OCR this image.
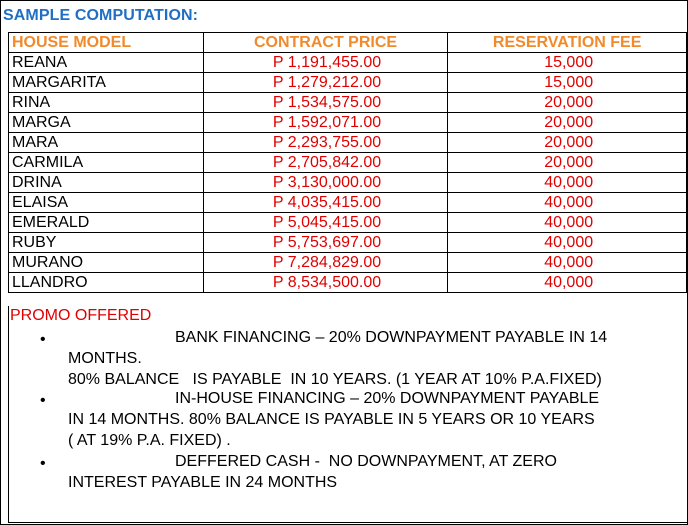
SAMPLE COMPUTATION:
HOUSE MODEL	CONTRACT PRICE	RESERVATION FEE
REANA	P 1,191,455.00	15,000
MARGARITA	P 1,279,212.00	15,000
RINA	P 1,534,575.00	20,000
MARGA	P 1,592,071.00	20,000
MARA	P 2,293,755.00	20,000
CARMILA	P 2,705,842.00	20,000
DRINA	P 3,130,000.00	40,000
ELAISA	P 4,035,415.00	40,000
EMERALD	P 5,045,415.00	40,000
RUBY	P 5,753,697.00	40,000
MURANO	P 7,284,829.00	40,000
LLANDRO	P 8,534,500.00	40,000
PROMO OFFERED
•	BANK FINANCING – 20% DOWNPAYMENT PAYABLE IN 14
MONTHS.
80% BALANCE   IS PAYABLE  IN 10 YEARS. (1 YEAR AT 10% P.A.FIXED)
•	IN-HOUSE FINANCING – 20% DOWNPAYMENT PAYABLE
IN 14 MONTHS. 80% BALANCE IS PAYABLE IN 5 YEARS OR 10 YEARS
( AT 19% P.A. FIXED) .
•	DEFFERED CASH -  NO DOWNPAYMENT, AT ZERO
INTEREST PAYABLE IN 24 MONTHS
